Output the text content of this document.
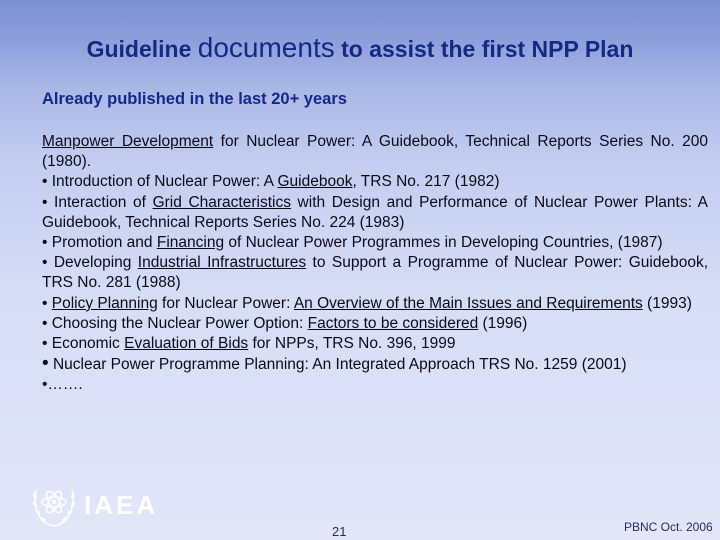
Guideline documents to assist the first NPP Plan
Already published in the last 20+ years

Manpower Development for Nuclear Power: A Guidebook, Technical Reports Series No. 200 (1980).

• Introduction of Nuclear Power: A Guidebook, TRS No. 217 (1982)

• Interaction of Grid Characteristics with Design and Performance of Nuclear Power Plants: A Guidebook, Technical Reports Series No. 224 (1983)

• Promotion and Financing of Nuclear Power Programmes in Developing Countries, (1987)

• Developing Industrial Infrastructures to Support a Programme of Nuclear Power: Guidebook, TRS No. 281 (1988)

• Policy Planning for Nuclear Power: An Overview of the Main Issues and Requirements (1993)

• Choosing the Nuclear Power Option: Factors to be considered (1996)

• Economic Evaluation of Bids for NPPs, TRS No. 396, 1999

• Nuclear Power Programme Planning: An Integrated Approach TRS No. 1259 (2001)

•…….

IAEA
21	PBNC Oct. 2006
